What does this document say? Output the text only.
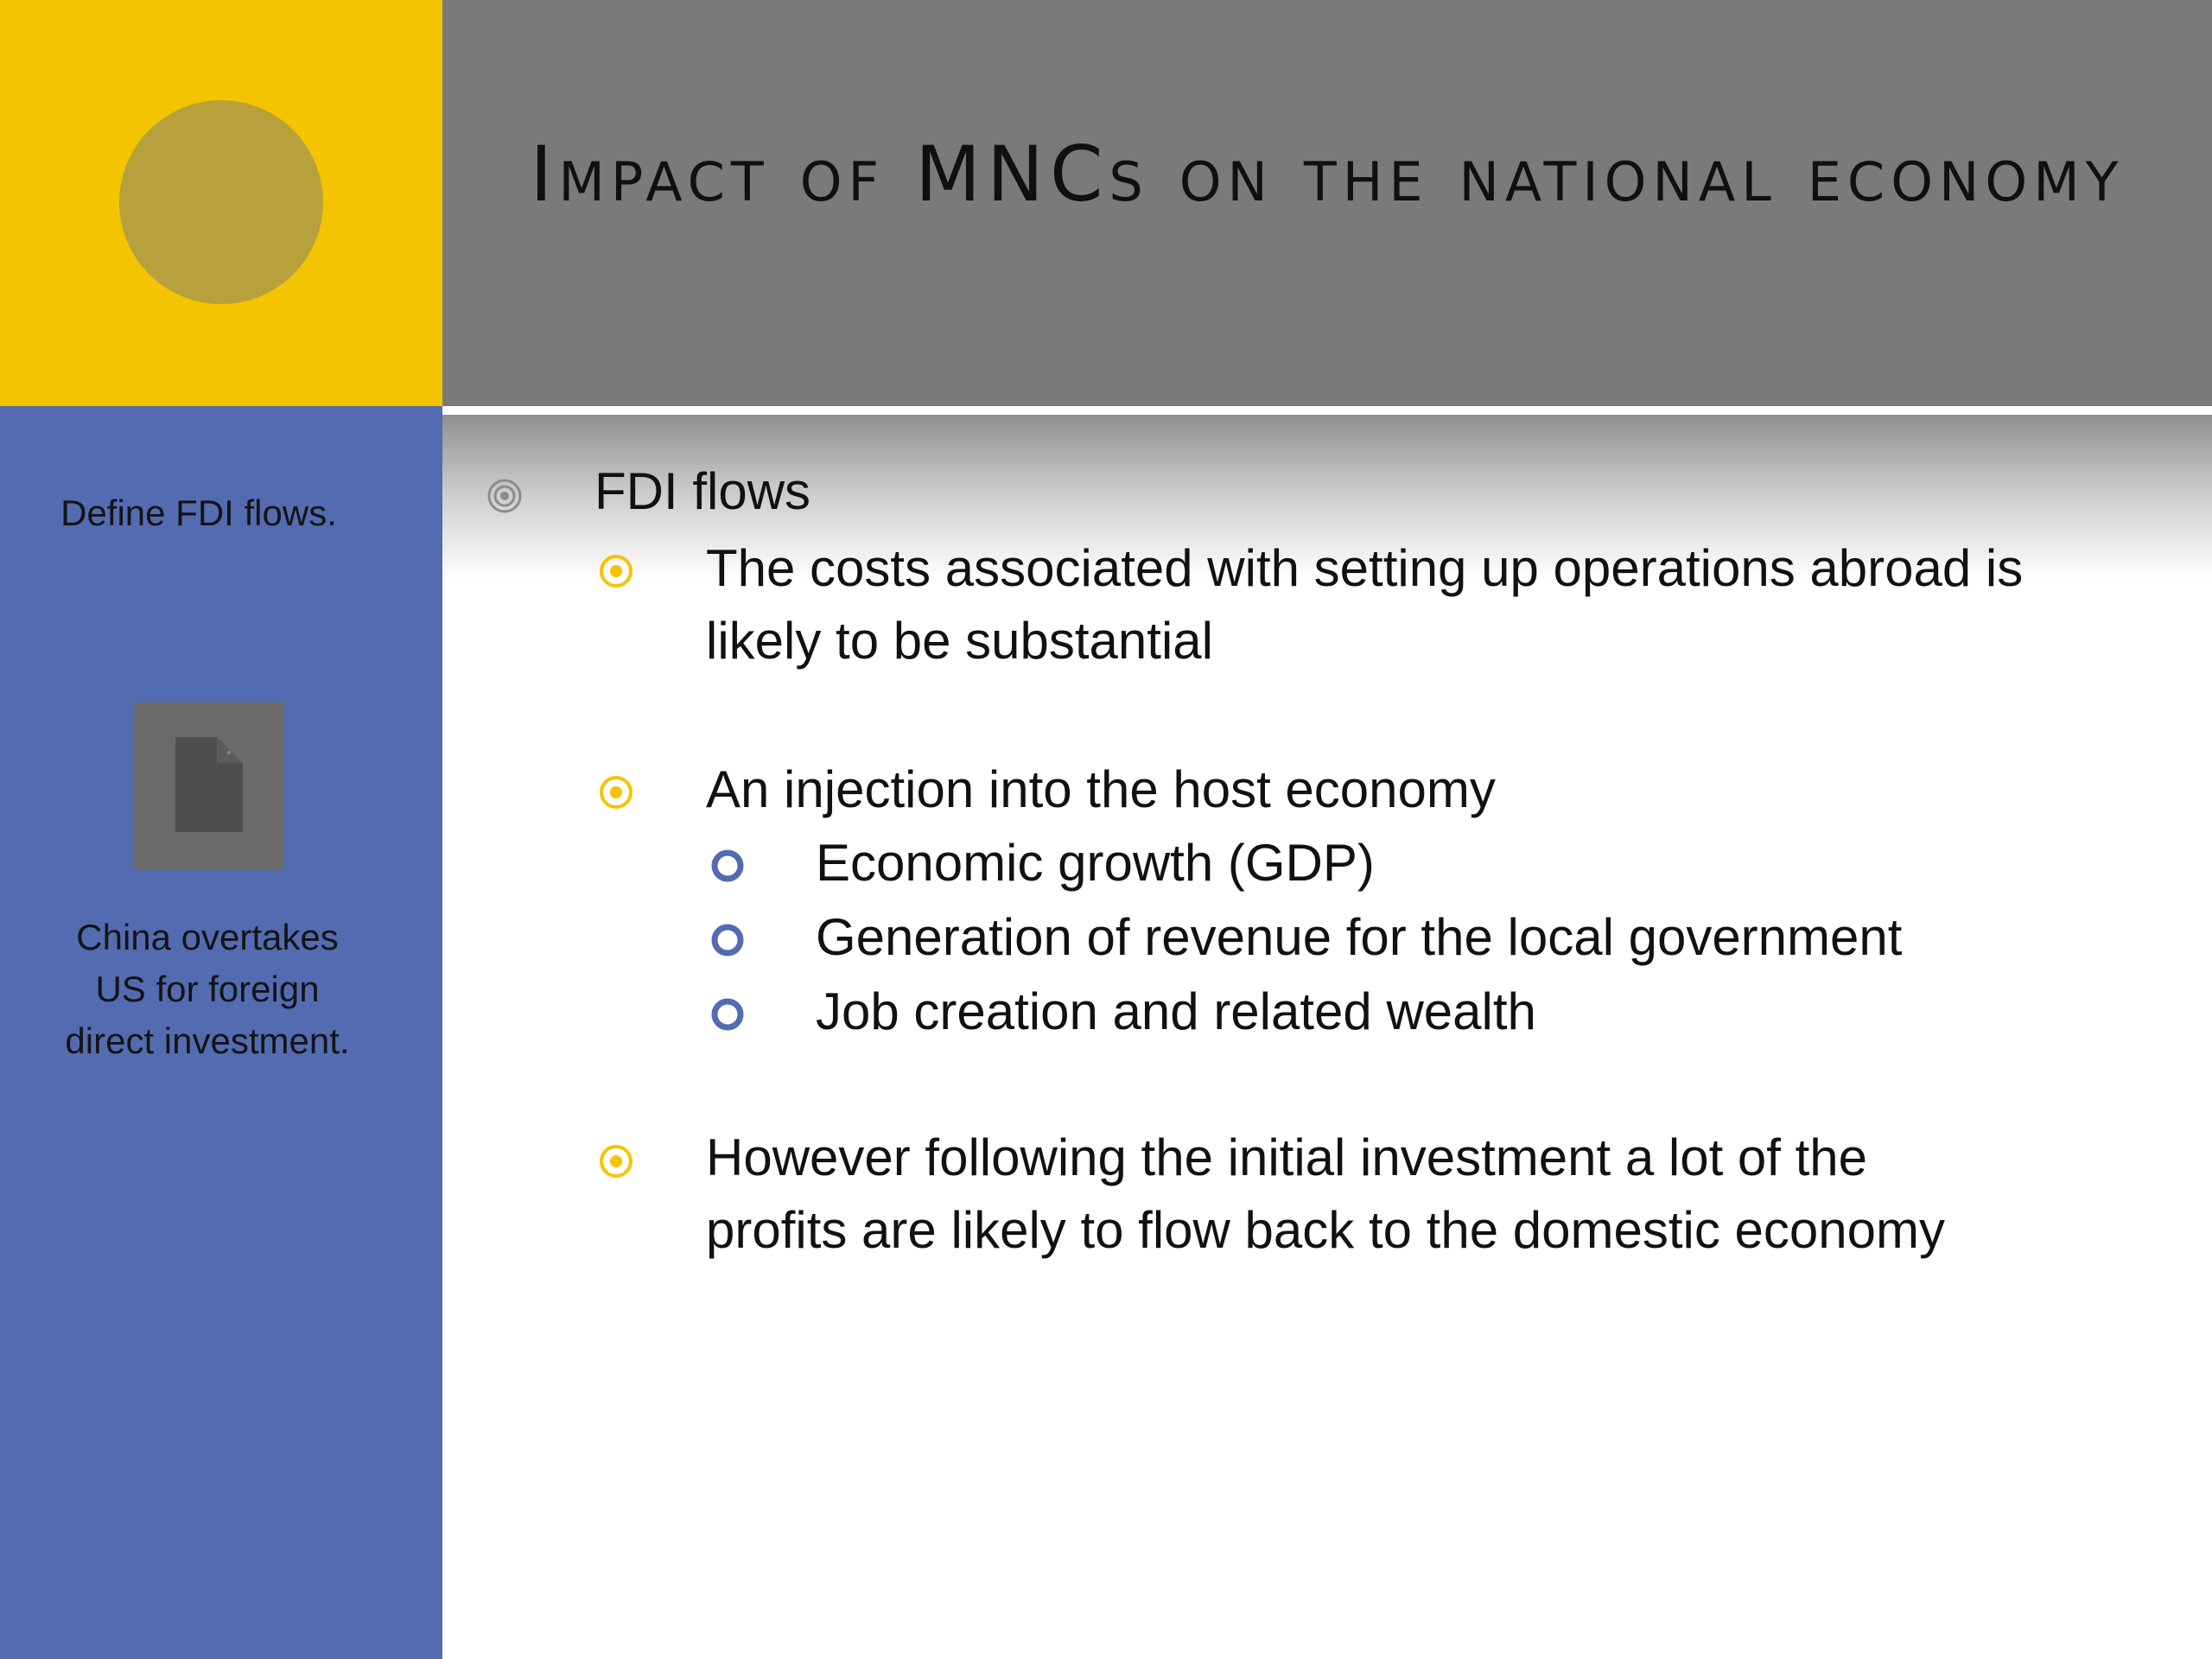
Impact of MNCs on the national economy
Define FDI flows.
China overtakes
US for foreign
direct investment.
FDI flows
The costs associated with setting up operations abroad is
likely to be substantial
An injection into the host economy
Economic growth (GDP)
Generation of revenue for the local government
Job creation and related wealth
However following the initial investment a lot of the
profits are likely to flow back to the domestic economy
